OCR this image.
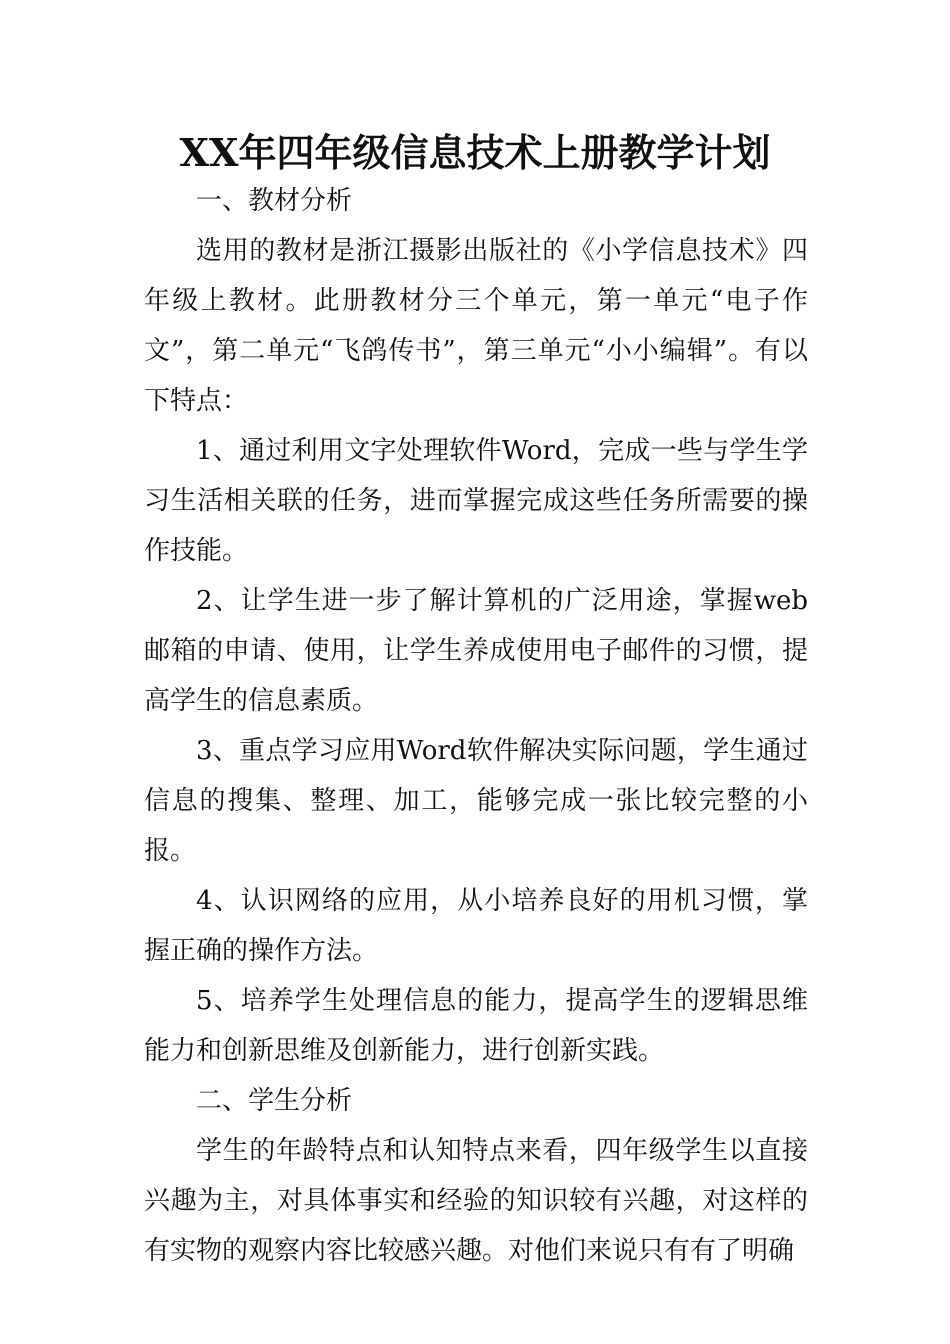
XX年四年级信息技术上册教学计划

一、教材分析

选用的教材是浙江摄影出版社的《小学信息技术》四年级上教材。此册教材分三个单元，第一单元“电子作文”，第二单元“飞鸽传书”，第三单元“小小编辑”。有以下特点：

1、通过利用文字处理软件Word，完成一些与学生学习生活相关联的任务，进而掌握完成这些任务所需要的操作技能。

2、让学生进一步了解计算机的广泛用途，掌握web邮箱的申请、使用，让学生养成使用电子邮件的习惯，提高学生的信息素质。

3、重点学习应用Word软件解决实际问题，学生通过信息的搜集、整理、加工，能够完成一张比较完整的小报。

4、认识网络的应用，从小培养良好的用机习惯，掌握正确的操作方法。

5、培养学生处理信息的能力，提高学生的逻辑思维能力和创新思维及创新能力，进行创新实践。

二、学生分析

学生的年龄特点和认知特点来看，四年级学生以直接兴趣为主，对具体事实和经验的知识较有兴趣，对这样的有实物的观察内容比较感兴趣。对他们来说只有有了明确
